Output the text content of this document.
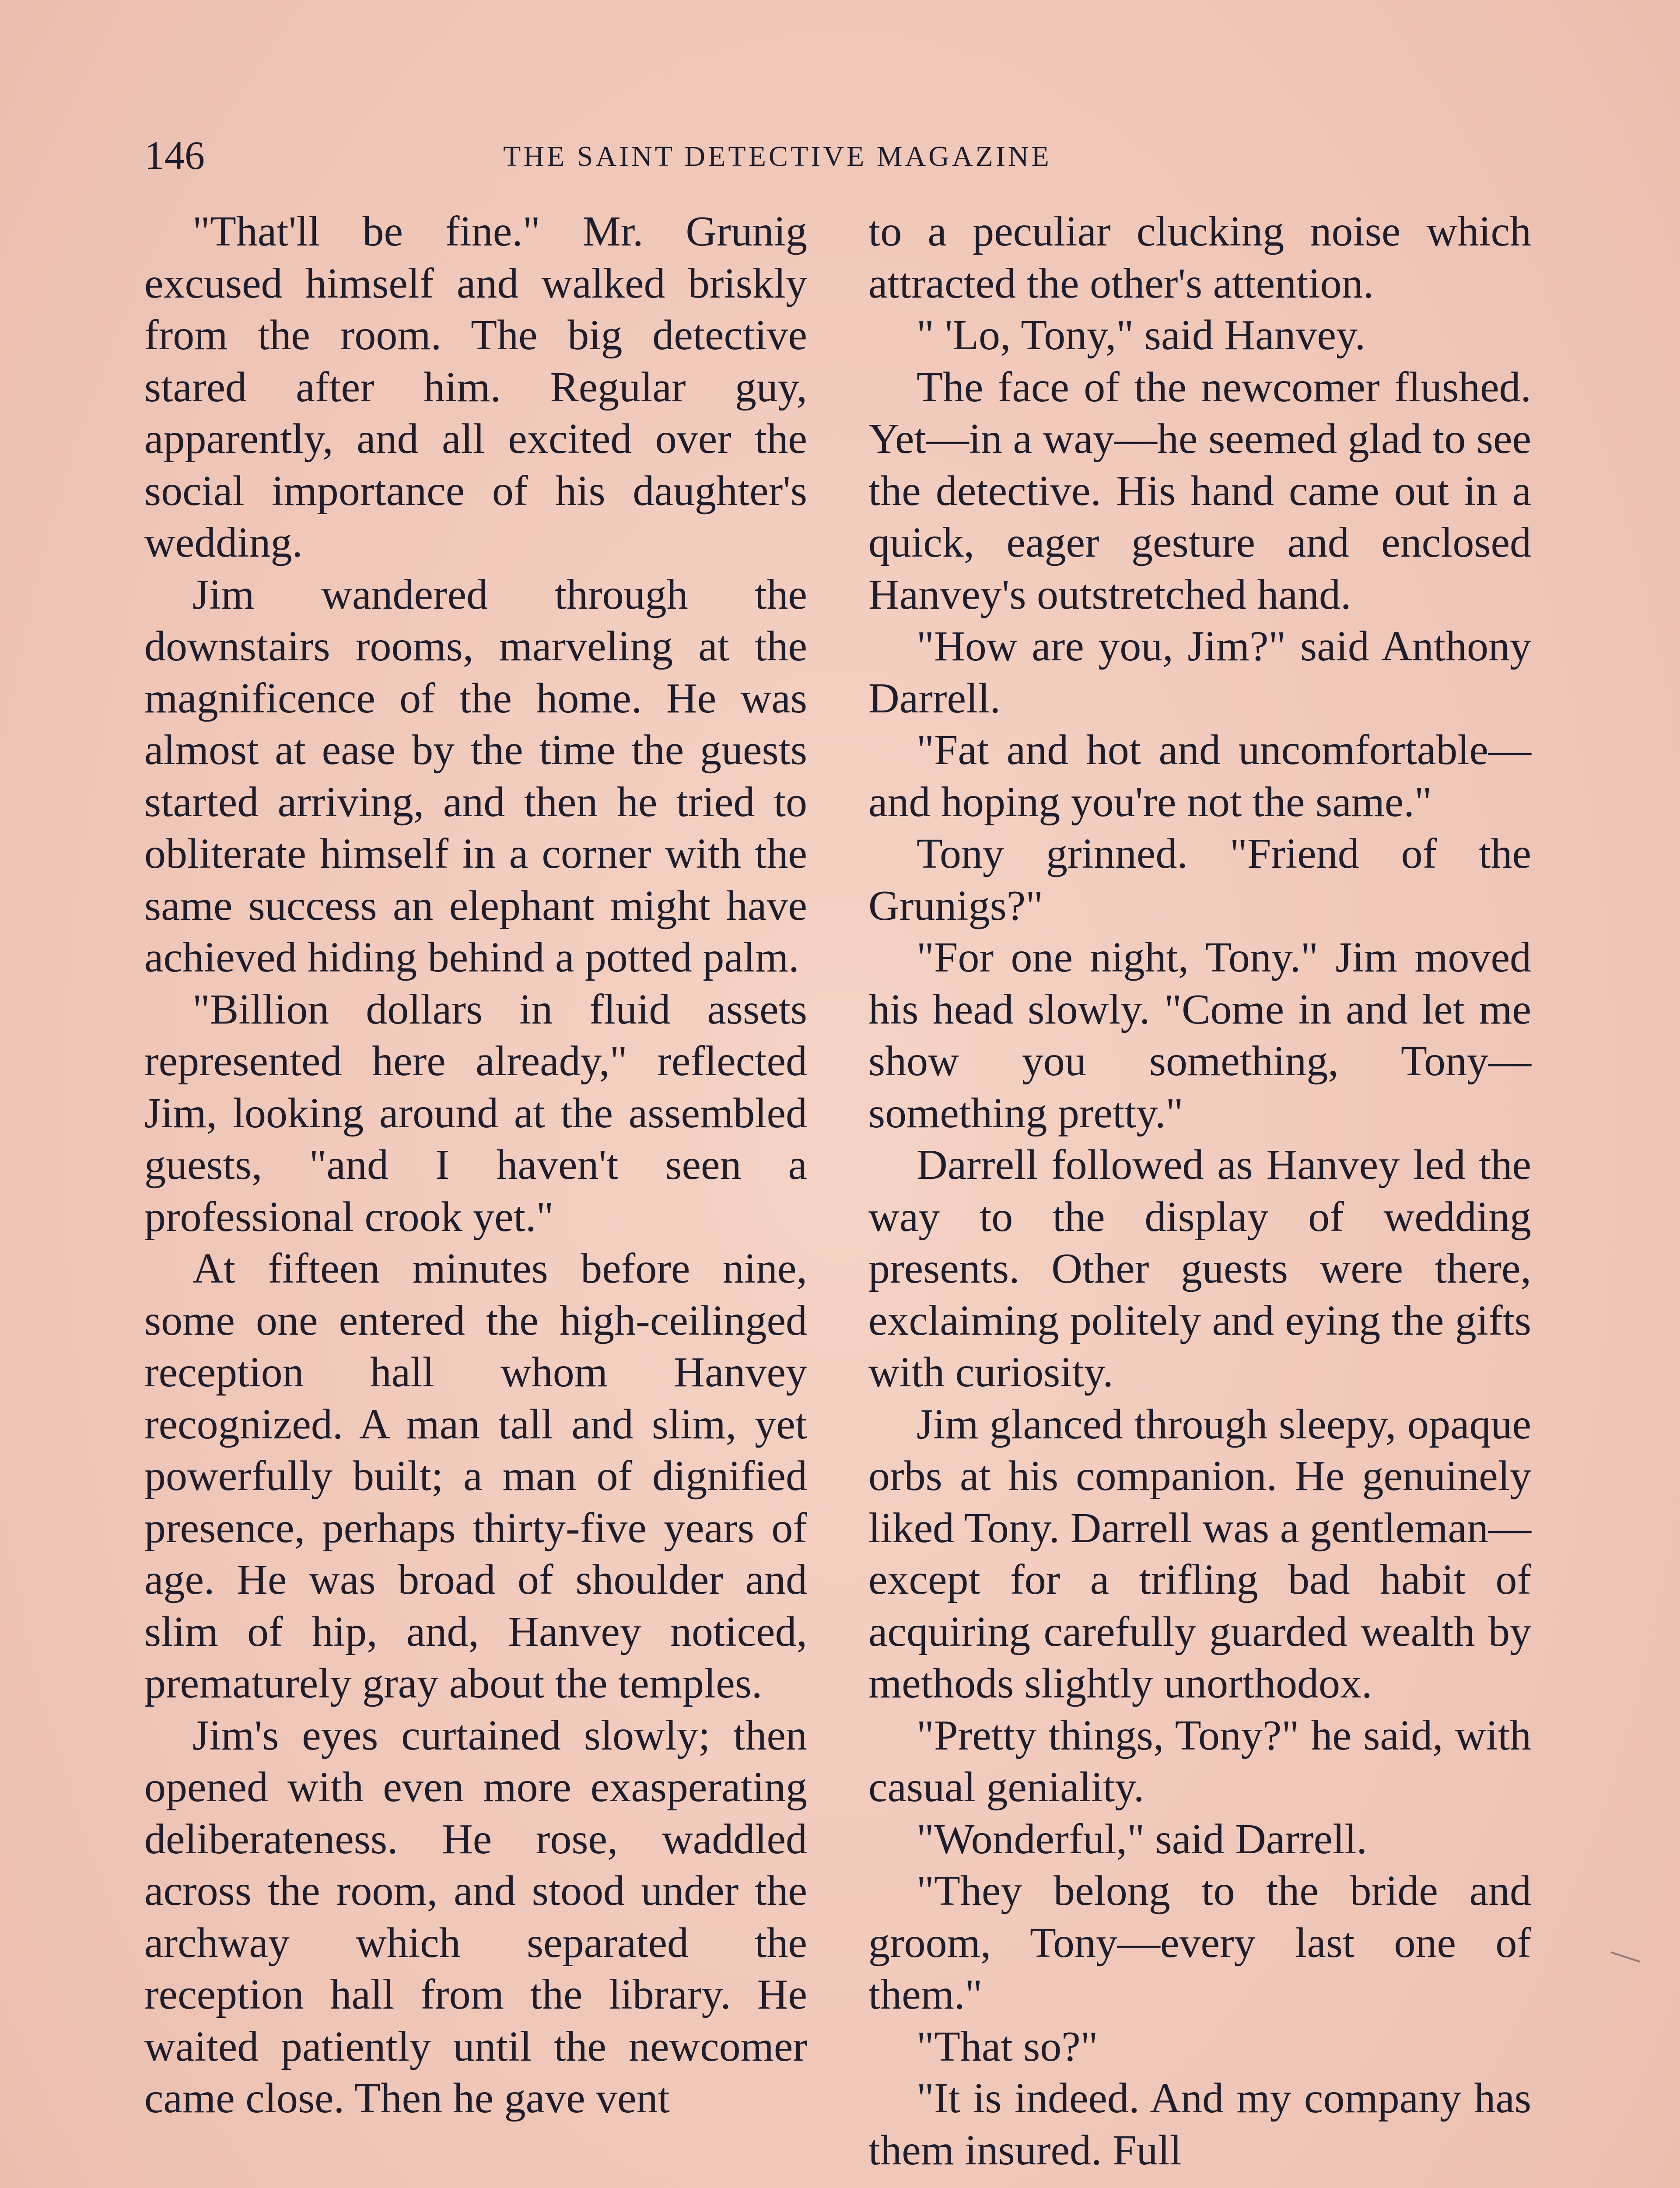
146	THE SAINT DETECTIVE MAGAZINE

"That'll be fine." Mr. Grunig excused himself and walked briskly from the room. The big detective stared after him. Regular guy, apparently, and all excited over the social importance of his daughter's wedding.

Jim wandered through the downstairs rooms, marveling at the magnificence of the home. He was almost at ease by the time the guests started arriving, and then he tried to obliterate himself in a corner with the same success an elephant might have achieved hiding behind a potted palm.

"Billion dollars in fluid assets represented here already," reflected Jim, looking around at the assembled guests, "and I haven't seen a professional crook yet."

At fifteen minutes before nine, some one entered the high-ceilinged reception hall whom Hanvey recognized. A man tall and slim, yet powerfully built; a man of dignified presence, perhaps thirty-five years of age. He was broad of shoulder and slim of hip, and, Hanvey noticed, prematurely gray about the temples.

Jim's eyes curtained slowly; then opened with even more exasperating deliberateness. He rose, waddled across the room, and stood under the archway which separated the reception hall from the library. He waited patiently until the newcomer came close. Then he gave vent

to a peculiar clucking noise which attracted the other's attention.

" 'Lo, Tony," said Hanvey.

The face of the newcomer flushed. Yet—in a way—he seemed glad to see the detective. His hand came out in a quick, eager gesture and enclosed Hanvey's outstretched hand.

"How are you, Jim?" said Anthony Darrell.

"Fat and hot and uncomfortable—and hoping you're not the same."

Tony grinned. "Friend of the Grunigs?"

"For one night, Tony." Jim moved his head slowly. "Come in and let me show you something, Tony—something pretty."

Darrell followed as Hanvey led the way to the display of wedding presents. Other guests were there, exclaiming politely and eying the gifts with curiosity.

Jim glanced through sleepy, opaque orbs at his companion. He genuinely liked Tony. Darrell was a gentleman—except for a trifling bad habit of acquiring carefully guarded wealth by methods slightly unorthodox.

"Pretty things, Tony?" he said, with casual geniality.

"Wonderful," said Darrell.

"They belong to the bride and groom, Tony—every last one of them."

"That so?"

"It is indeed. And my company has them insured. Full
